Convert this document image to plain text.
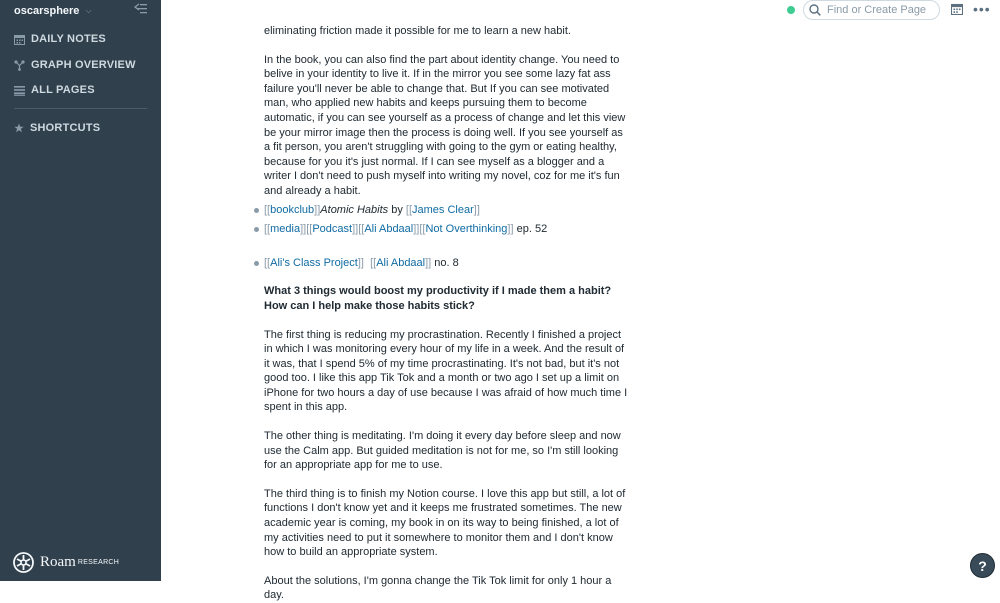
oscarsphere ⌵
DAILY NOTES
GRAPH OVERVIEW
ALL PAGES
SHORTCUTS
Roam RESEARCH
Find or Create Page
•••

eliminating friction made it possible for me to learn a new habit.

In the book, you can also find the part about identity change. You need to belive in your identity to live it. If in the mirror you see some lazy fat ass failure you'll never be able to change that. But If you can see motivated man, who applied new habits and keeps pursuing them to become automatic, if you can see yourself as a process of change and let this view be your mirror image then the process is doing well. If you see yourself as a fit person, you aren't struggling with going to the gym or eating healthy, because for you it's just normal. If I can see myself as a blogger and a writer I don't need to push myself into writing my novel, coz for me it's fun and already a habit.

[[bookclub]]Atomic Habits by [[James Clear]]
[[media]][[Podcast]][[Ali Abdaal]][[Not Overthinking]] ep. 52
[[Ali's Class Project]] [[Ali Abdaal]] no. 8

What 3 things would boost my productivity if I made them a habit?

How can I help make those habits stick?

The first thing is reducing my procrastination. Recently I finished a project in which I was monitoring every hour of my life in a week. And the result of it was, that I spend 5% of my time procrastinating. It's not bad, but it's not good too. I like this app Tik Tok and a month or two ago I set up a limit on iPhone for two hours a day of use because I was afraid of how much time I spent in this app.

The other thing is meditating. I'm doing it every day before sleep and now use the Calm app. But guided meditation is not for me, so I'm still looking for an appropriate app for me to use.

The third thing is to finish my Notion course. I love this app but still, a lot of functions I don't know yet and it keeps me frustrated sometimes. The new academic year is coming, my book in on its way to being finished, a lot of my activities need to put it somewhere to monitor them and I don't know how to build an appropriate system.

About the solutions, I'm gonna change the Tik Tok limit for only 1 hour a day.

?
